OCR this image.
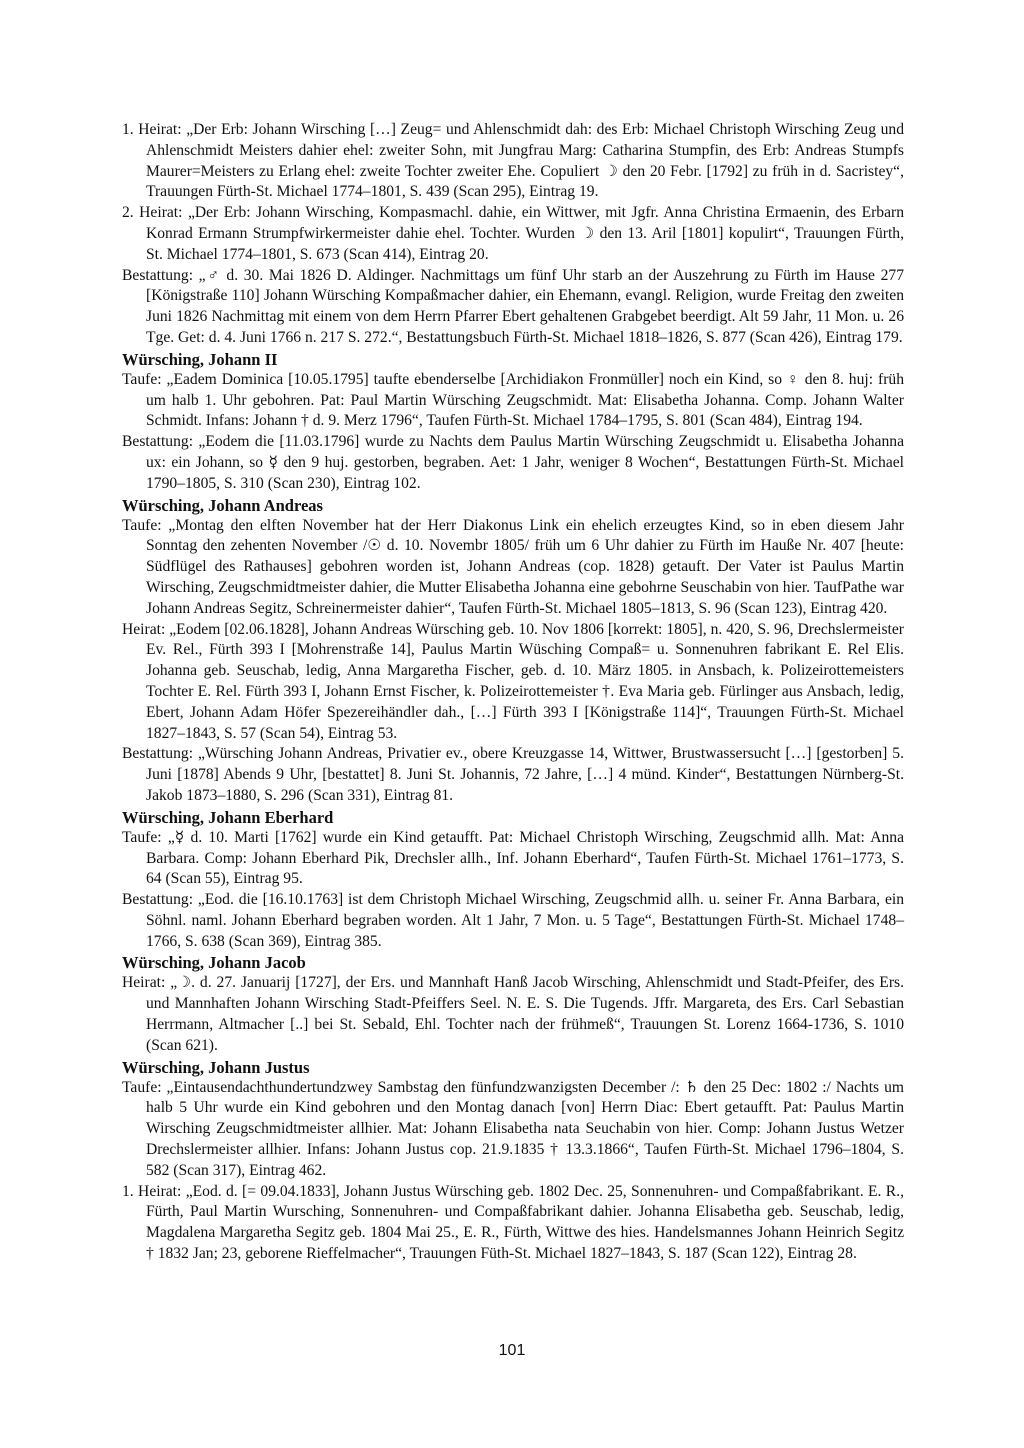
1. Heirat: „Der Erb: Johann Wirsching […] Zeug= und Ahlenschmidt dah: des Erb: Michael Christoph Wirsching Zeug und Ahlenschmidt Meisters dahier ehel: zweiter Sohn, mit Jungfrau Marg: Catharina Stumpfin, des Erb: Andreas Stumpfs Maurer=Meisters zu Erlang ehel: zweite Tochter zweiter Ehe. Copuliert ☽ den 20 Febr. [1792] zu früh in d. Sacristey“, Trauungen Fürth-St. Michael 1774–1801, S. 439 (Scan 295), Eintrag 19.

2. Heirat: „Der Erb: Johann Wirsching, Kompasmachl. dahie, ein Wittwer, mit Jgfr. Anna Christina Ermaenin, des Erbarn Konrad Ermann Strumpfwirkermeister dahie ehel. Tochter. Wurden ☽ den 13. Aril [1801] kopulirt“, Trauungen Fürth, St. Michael 1774–1801, S. 673 (Scan 414), Eintrag 20.

Bestattung: „♂ d. 30. Mai 1826 D. Aldinger. Nachmittags um fünf Uhr starb an der Auszehrung zu Fürth im Hause 277 [Königstraße 110] Johann Würsching Kompaßmacher dahier, ein Ehemann, evangl. Religion, wurde Freitag den zweiten Juni 1826 Nachmittag mit einem von dem Herrn Pfarrer Ebert gehaltenen Grabgebet beerdigt. Alt 59 Jahr, 11 Mon. u. 26 Tge. Get: d. 4. Juni 1766 n. 217 S. 272.“, Bestattungsbuch Fürth-St. Michael 1818–1826, S. 877 (Scan 426), Eintrag 179.

Würsching, Johann II

Taufe: „Eadem Dominica [10.05.1795] taufte ebenderselbe [Archidiakon Fronmüller] noch ein Kind, so ♀ den 8. huj: früh um halb 1. Uhr gebohren. Pat: Paul Martin Würsching Zeugschmidt. Mat: Elisabetha Johanna. Comp. Johann Walter Schmidt. Infans: Johann † d. 9. Merz 1796“, Taufen Fürth-St. Michael 1784–1795, S. 801 (Scan 484), Eintrag 194.

Bestattung: „Eodem die [11.03.1796] wurde zu Nachts dem Paulus Martin Würsching Zeugschmidt u. Elisabetha Johanna ux: ein Johann, so ☿ den 9 huj. gestorben, begraben. Aet: 1 Jahr, weniger 8 Wochen“, Bestattungen Fürth-St. Michael 1790–1805, S. 310 (Scan 230), Eintrag 102.

Würsching, Johann Andreas

Taufe: „Montag den elften November hat der Herr Diakonus Link ein ehelich erzeugtes Kind, so in eben diesem Jahr Sonntag den zehenten November /☉ d. 10. Novembr 1805/ früh um 6 Uhr dahier zu Fürth im Hauße Nr. 407 [heute: Südflügel des Rathauses] gebohren worden ist, Johann Andreas (cop. 1828) getauft. Der Vater ist Paulus Martin Wirsching, Zeugschmidtmeister dahier, die Mutter Elisabetha Johanna eine gebohrne Seuschabin von hier. TaufPathe war Johann Andreas Segitz, Schreinermeister dahier“, Taufen Fürth-St. Michael 1805–1813, S. 96 (Scan 123), Eintrag 420.

Heirat: „Eodem [02.06.1828], Johann Andreas Würsching geb. 10. Nov 1806 [korrekt: 1805], n. 420, S. 96, Drechslermeister Ev. Rel., Fürth 393 I [Mohrenstraße 14], Paulus Martin Wüsching Compaß= u. Sonnenuhren fabrikant E. Rel Elis. Johanna geb. Seuschab, ledig, Anna Margaretha Fischer, geb. d. 10. März 1805. in Ansbach, k. Polizeirottemeisters Tochter E. Rel. Fürth 393 I, Johann Ernst Fischer, k. Polizeirottemeister †. Eva Maria geb. Fürlinger aus Ansbach, ledig, Ebert, Johann Adam Höfer Spezereihändler dah., […] Fürth 393 I [Königstraße 114]“, Trauungen Fürth-St. Michael 1827–1843, S. 57 (Scan 54), Eintrag 53.

Bestattung: „Würsching Johann Andreas, Privatier ev., obere Kreuzgasse 14, Wittwer, Brustwassersucht […] [gestorben] 5. Juni [1878] Abends 9 Uhr, [bestattet] 8. Juni St. Johannis, 72 Jahre, […] 4 münd. Kinder“, Bestattungen Nürnberg-St. Jakob 1873–1880, S. 296 (Scan 331), Eintrag 81.

Würsching, Johann Eberhard

Taufe: „☿ d. 10. Marti [1762] wurde ein Kind getaufft. Pat: Michael Christoph Wirsching, Zeugschmid allh. Mat: Anna Barbara. Comp: Johann Eberhard Pik, Drechsler allh., Inf. Johann Eberhard“, Taufen Fürth-St. Michael 1761–1773, S. 64 (Scan 55), Eintrag 95.

Bestattung: „Eod. die [16.10.1763] ist dem Christoph Michael Wirsching, Zeugschmid allh. u. seiner Fr. Anna Barbara, ein Söhnl. naml. Johann Eberhard begraben worden. Alt 1 Jahr, 7 Mon. u. 5 Tage“, Bestattungen Fürth-St. Michael 1748–1766, S. 638 (Scan 369), Eintrag 385.

Würsching, Johann Jacob

Heirat: „☽. d. 27. Januarij [1727], der Ers. und Mannhaft Hanß Jacob Wirsching, Ahlenschmidt und Stadt-Pfeifer, des Ers. und Mannhaften Johann Wirsching Stadt-Pfeiffers Seel. N. E. S. Die Tugends. Jffr. Margareta, des Ers. Carl Sebastian Herrmann, Altmacher [..] bei St. Sebald, Ehl. Tochter nach der frühmeß“, Trauungen St. Lorenz 1664-1736, S. 1010 (Scan 621).

Würsching, Johann Justus

Taufe: „Eintausendachthundertundzwey Sambstag den fünfundzwanzigsten December /: ♄ den 25 Dec: 1802 :/ Nachts um halb 5 Uhr wurde ein Kind gebohren und den Montag danach [von] Herrn Diac: Ebert getaufft. Pat: Paulus Martin Wirsching Zeugschmidtmeister allhier. Mat: Johann Elisabetha nata Seuchabin von hier. Comp: Johann Justus Wetzer Drechslermeister allhier. Infans: Johann Justus cop. 21.9.1835 † 13.3.1866“, Taufen Fürth-St. Michael 1796–1804, S. 582 (Scan 317), Eintrag 462.

1. Heirat: „Eod. d. [= 09.04.1833], Johann Justus Würsching geb. 1802 Dec. 25, Sonnenuhren- und Compaßfabrikant. E. R., Fürth, Paul Martin Wursching, Sonnenuhren- und Compaßfabrikant dahier. Johanna Elisabetha geb. Seuschab, ledig, Magdalena Margaretha Segitz geb. 1804 Mai 25., E. R., Fürth, Wittwe des hies. Handelsmannes Johann Heinrich Segitz † 1832 Jan; 23, geborene Rieffelmacher“, Trauungen Füth-St. Michael 1827–1843, S. 187 (Scan 122), Eintrag 28.

101
